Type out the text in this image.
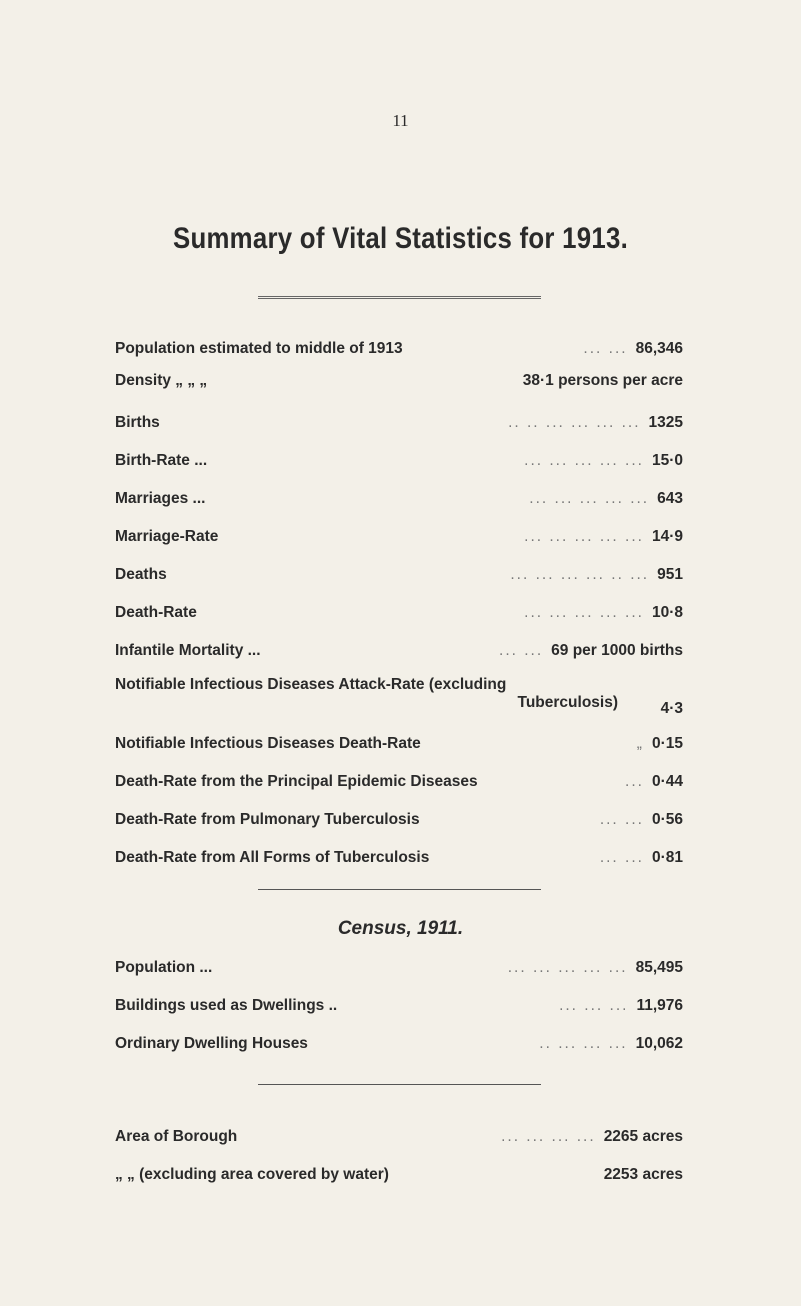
11
Summary of Vital Statistics for 1913.
Population estimated to middle of 1913	... ... 86,346
Density „ „ „	38·1 persons per acre
Births	.. .. ... ... ... ... 1325
Birth-Rate ...	... ... ... ... ... 15·0
Marriages ...	... ... ... ... ... 643
Marriage-Rate	... ... ... ... ... 14·9
Deaths	... ... ... ... .. ... 951
Death-Rate	... ... ... ... ... 10·8
Infantile Mortality ...	... ... 69 per 1000 births
Notifiable Infectious Diseases Attack-Rate (excluding
Tuberculosis)	4·3
Notifiable Infectious Diseases Death-Rate	„ 0·15
Death-Rate from the Principal Epidemic Diseases	... 0·44
Death-Rate from Pulmonary Tuberculosis	... ... 0·56
Death-Rate from All Forms of Tuberculosis	... ... 0·81
Census, 1911.
Population ...	... ... ... ... ... 85,495
Buildings used as Dwellings ..	... ... ... 11,976
Ordinary Dwelling Houses	.. ... ... ... 10,062
Area of Borough	... ... ... ... 2265 acres
„ „ (excluding area covered by water)	2253 acres
